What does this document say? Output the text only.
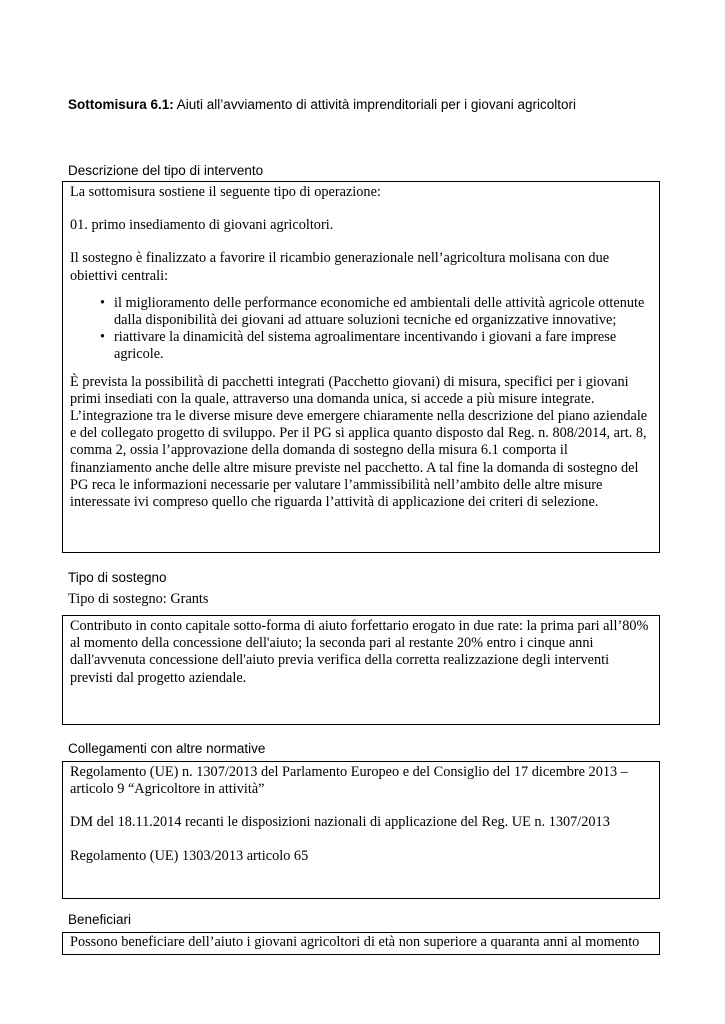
Sottomisura 6.1: Aiuti all’avviamento di attività imprenditoriali per i giovani agricoltori
Descrizione del tipo di intervento

La sottomisura sostiene il seguente tipo di operazione:

01. primo insediamento di giovani agricoltori.

Il sostegno è finalizzato a favorire il ricambio generazionale nell’agricoltura molisana con due obiettivi centrali:

• il miglioramento delle performance economiche ed ambientali delle attività agricole ottenute dalla disponibilità dei giovani ad attuare soluzioni tecniche ed organizzative innovative;
• riattivare la dinamicità del sistema agroalimentare incentivando i giovani a fare imprese agricole.

È prevista la possibilità di pacchetti integrati (Pacchetto giovani) di misura, specifici per i giovani primi insediati con la quale, attraverso una domanda unica, si accede a più misure integrate. L’integrazione tra le diverse misure deve emergere chiaramente nella descrizione del piano aziendale e del collegato progetto di sviluppo. Per il PG si applica quanto disposto dal Reg. n. 808/2014, art. 8, comma 2, ossia l’approvazione della domanda di sostegno della misura 6.1 comporta il finanziamento anche delle altre misure previste nel pacchetto. A tal fine la domanda di sostegno del PG reca le informazioni necessarie per valutare l’ammissibilità nell’ambito delle altre misure interessate ivi compreso quello che riguarda l’attività di applicazione dei criteri di selezione.

Tipo di sostegno
Tipo di sostegno: Grants

Contributo in conto capitale sotto-forma di aiuto forfettario erogato in due rate: la prima pari all’80% al momento della concessione dell'aiuto; la seconda pari al restante 20% entro i cinque anni dall'avvenuta concessione dell'aiuto previa verifica della corretta realizzazione degli interventi previsti dal progetto aziendale.

Collegamenti con altre normative

Regolamento (UE) n. 1307/2013 del Parlamento Europeo e del Consiglio del 17 dicembre 2013 – articolo 9 “Agricoltore in attività”

DM del 18.11.2014 recanti le disposizioni nazionali di applicazione del Reg. UE n. 1307/2013

Regolamento (UE) 1303/2013 articolo 65

Beneficiari
Possono beneficiare dell’aiuto i giovani agricoltori di età non superiore a quaranta anni al momento
